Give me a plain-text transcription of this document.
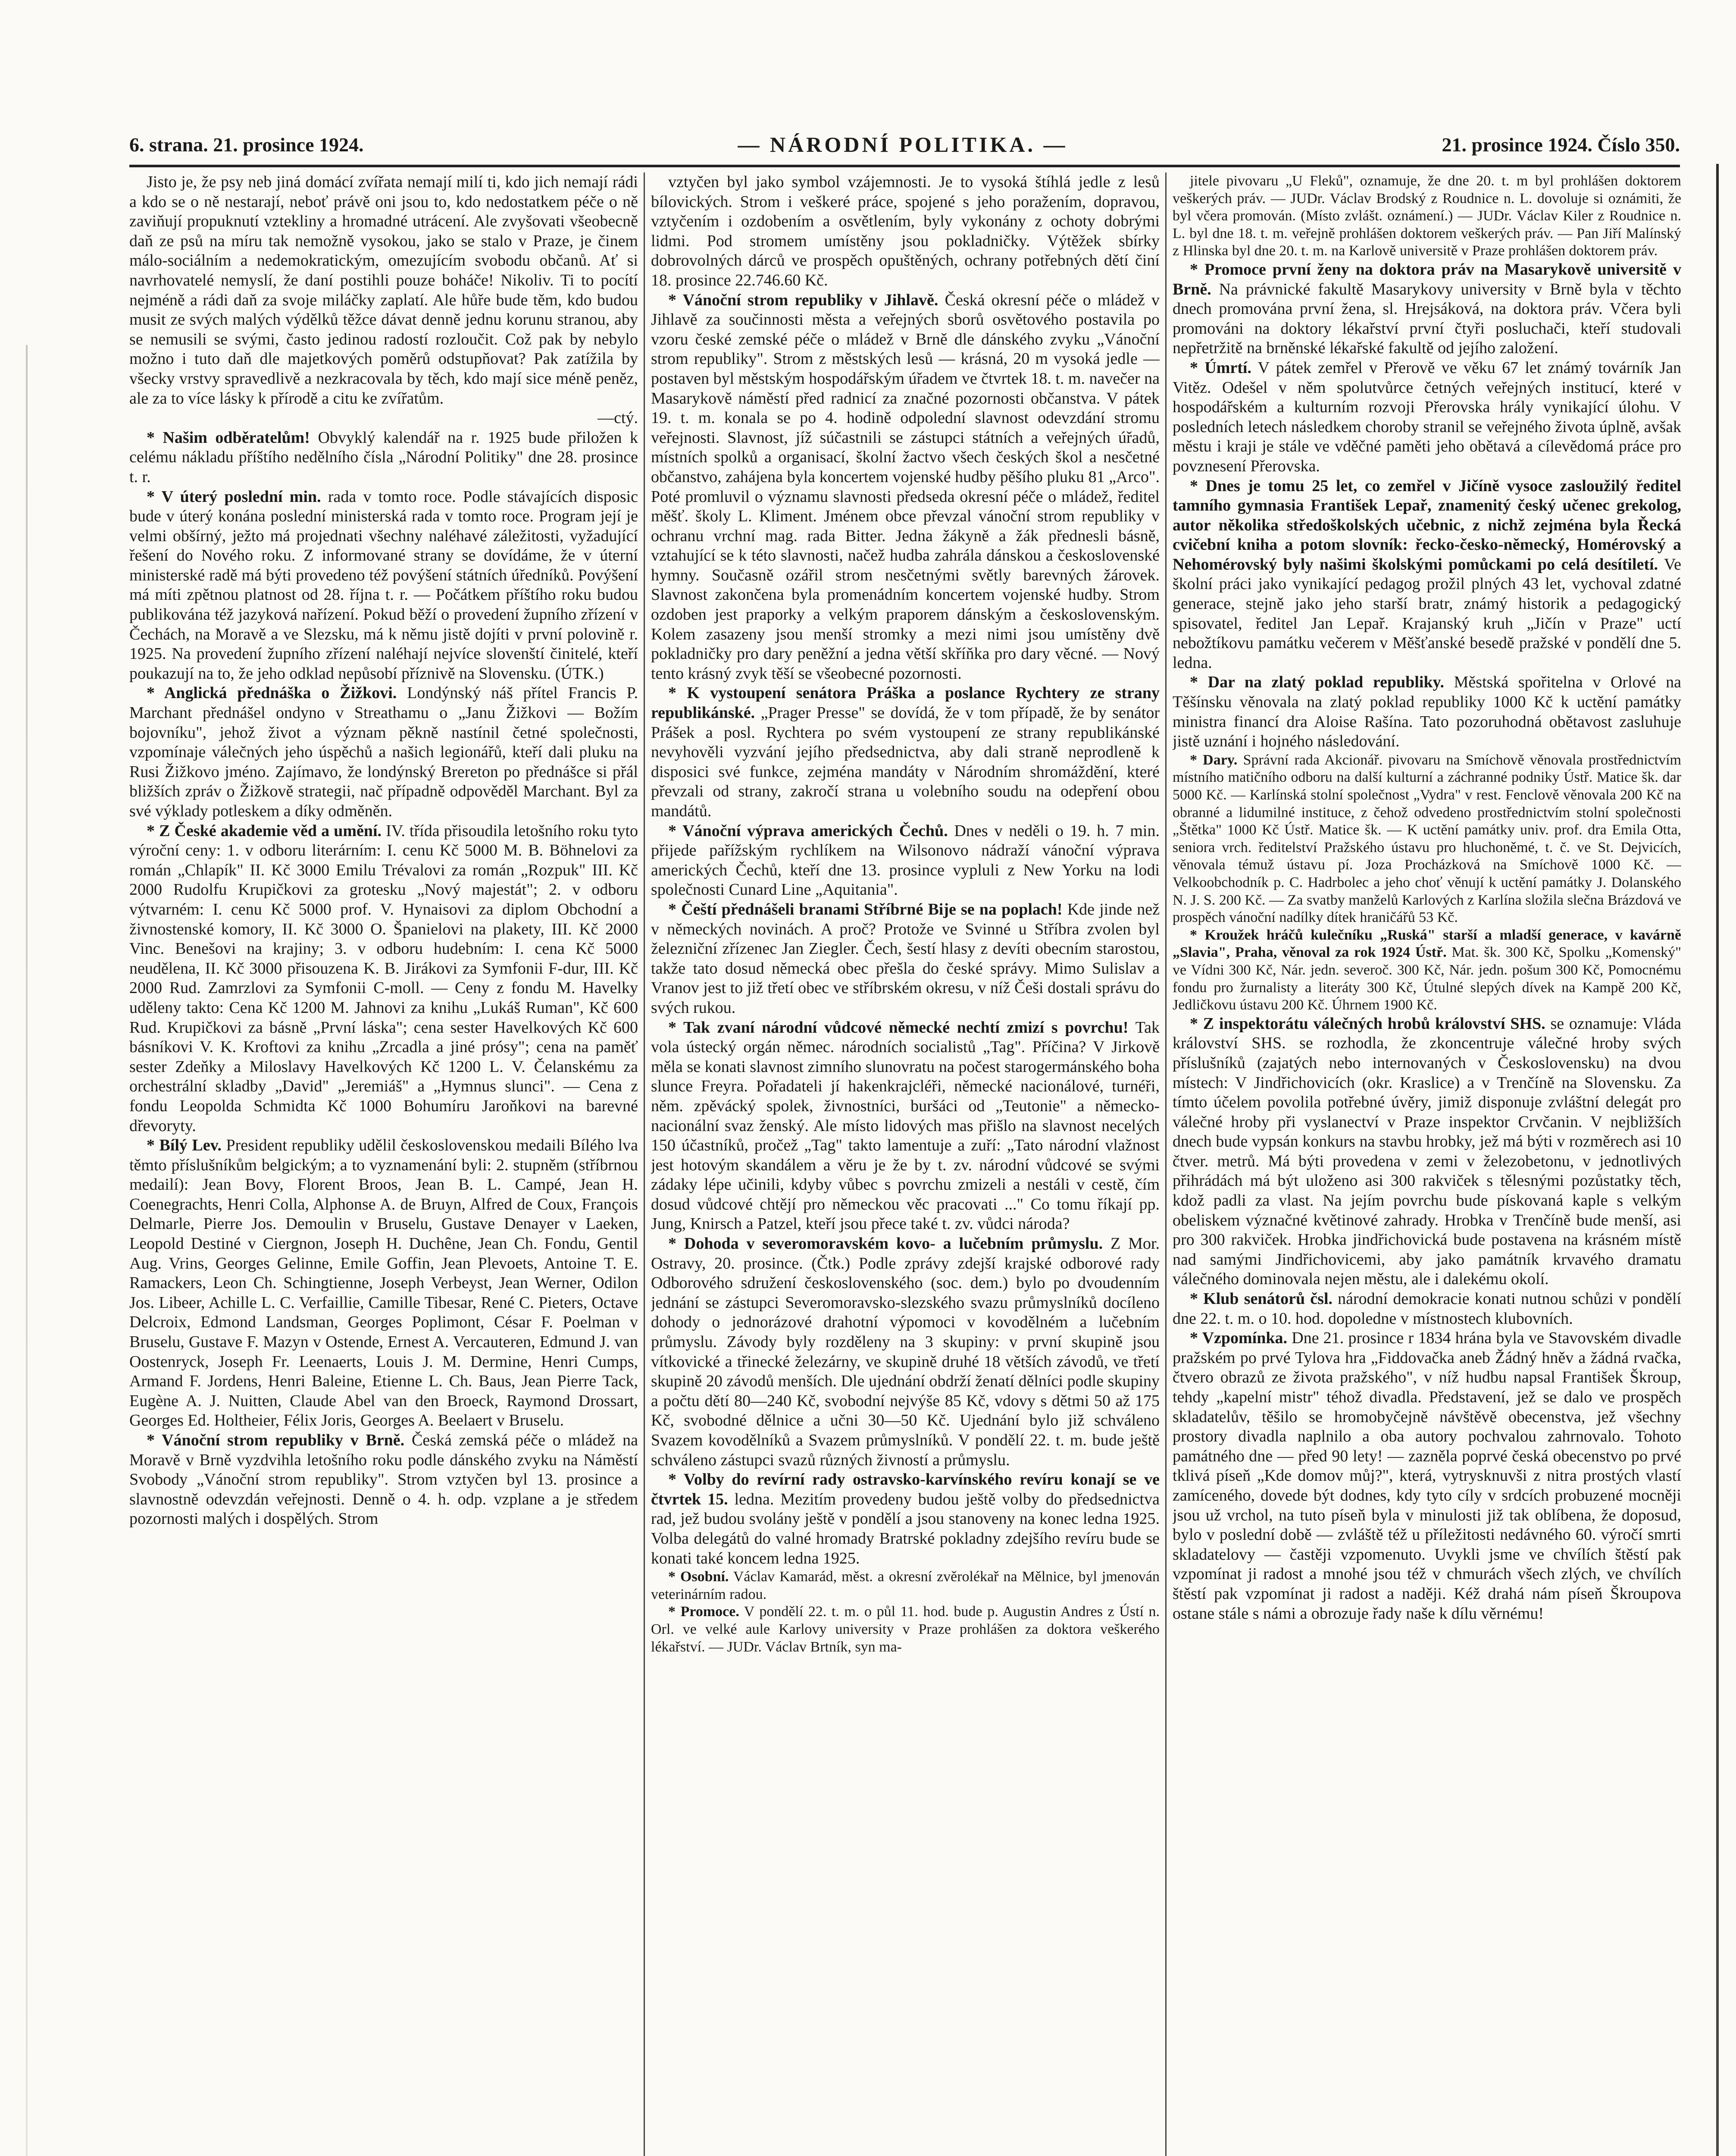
6. strana. 21. prosince 1924.	— NÁRODNÍ POLITIKA. —	21. prosince 1924. Číslo 350.

Jisto je, že psy neb jiná domácí zvířata nemají milí ti, kdo jich nemají rádi a kdo se o ně nestarají, neboť právě oni jsou to, kdo nedostatkem péče o ně zaviňují propuknutí vztekliny a hromadné utrácení. Ale zvyšovati všeobecně daň ze psů na míru tak nemožně vysokou, jako se stalo v Praze, je činem málo-sociálním a nedemokratickým, omezujícím svobodu občanů. Ať si navrhovatelé nemyslí, že daní postihli pouze boháče! Nikoliv. Ti to pocítí nejméně a rádi daň za svoje miláčky zaplatí. Ale hůře bude těm, kdo budou musit ze svých malých výdělků těžce dávat denně jednu korunu stranou, aby se nemusili se svými, často jedinou radostí rozloučit. Což pak by nebylo možno i tuto daň dle majetkových poměrů odstupňovat? Pak zatížila by všecky vrstvy spravedlivě a nezkracovala by těch, kdo mají sice méně peněz, ale za to více lásky k přírodě a citu ke zvířatům.

—ctý.

* Našim odběratelům! Obvyklý kalendář na r. 1925 bude přiložen k celému nákladu příštího nedělního čísla „Národní Politiky" dne 28. prosince t. r.

* V úterý poslední min. rada v tomto roce. Podle stávajících disposic bude v úterý konána poslední ministerská rada v tomto roce. Program její je velmi obšírný, ježto má projednati všechny naléhavé záležitosti, vyžadující řešení do Nového roku. Z informované strany se dovídáme, že v úterní ministerské radě má býti provedeno též povýšení státních úředníků. Povýšení má míti zpětnou platnost od 28. října t. r. — Počátkem příštího roku budou publikována též jazyková nařízení. Pokud běží o provedení župního zřízení v Čechách, na Moravě a ve Slezsku, má k němu jistě dojíti v první polovině r. 1925. Na provedení župního zřízení naléhají nejvíce slovenští činitelé, kteří poukazují na to, že jeho odklad nepůsobí příznivě na Slovensku. (ÚTK.)

* Anglická přednáška o Žižkovi. Londýnský náš přítel Francis P. Marchant přednášel ondyno v Streathamu o „Janu Žižkovi — Božím bojovníku", jehož život a význam pěkně nastínil četné společnosti, vzpomínaje válečných jeho úspěchů a našich legionářů, kteří dali pluku na Rusi Žižkovo jméno. Zajímavo, že londýnský Brereton po přednášce si přál bližších zpráv o Žižkově strategii, nač případně odpověděl Marchant. Byl za své výklady potleskem a díky odměněn.

* Z České akademie věd a umění. IV. třída přisoudila letošního roku tyto výroční ceny: 1. v odboru literárním: I. cenu Kč 5000 M. B. Böhnelovi za román „Chlapík" II. Kč 3000 Emilu Trévalovi za román „Rozpuk" III. Kč 2000 Rudolfu Krupičkovi za grotesku „Nový majestát"; 2. v odboru výtvarném: I. cenu Kč 5000 prof. V. Hynaisovi za diplom Obchodní a živnostenské komory, II. Kč 3000 O. Španielovi na plakety, III. Kč 2000 Vinc. Benešovi na krajiny; 3. v odboru hudebním: I. cena Kč 5000 neudělena, II. Kč 3000 přisouzena K. B. Jirákovi za Symfonii F-dur, III. Kč 2000 Rud. Zamrzlovi za Symfonii C-moll. — Ceny z fondu M. Havelky uděleny takto: Cena Kč 1200 M. Jahnovi za knihu „Lukáš Ruman", Kč 600 Rud. Krupičkovi za básně „První láska"; cena sester Havelkových Kč 600 básníkovi V. K. Kroftovi za knihu „Zrcadla a jiné prósy"; cena na paměť sester Zdeňky a Miloslavy Havelkových Kč 1200 L. V. Čelanskému za orchestrální skladby „David" „Jeremiáš" a „Hymnus slunci". — Cena z fondu Leopolda Schmidta Kč 1000 Bohumíru Jaroňkovi na barevné dřevoryty.

* Bílý Lev. President republiky udělil československou medaili Bílého lva těmto příslušníkům belgickým; a to vyznamenání byli: 2. stupněm (stříbrnou medailí): Jean Bovy, Florent Broos, Jean B. L. Campé, Jean H. Coenegrachts, Henri Colla, Alphonse A. de Bruyn, Alfred de Coux, François Delmarle, Pierre Jos. Demoulin v Bruselu, Gustave Denayer v Laeken, Leopold Destiné v Ciergnon, Joseph H. Duchêne, Jean Ch. Fondu, Gentil Aug. Vrins, Georges Gelinne, Emile Goffin, Jean Plevoets, Antoine T. E. Ramackers, Leon Ch. Schingtienne, Joseph Verbeyst, Jean Werner, Odilon Jos. Libeer, Achille L. C. Verfaillie, Camille Tibesar, René C. Pieters, Octave Delcroix, Edmond Landsman, Georges Poplimont, César F. Poelman v Bruselu, Gustave F. Mazyn v Ostende, Ernest A. Vercauteren, Edmund J. van Oostenryck, Joseph Fr. Leenaerts, Louis J. M. Dermine, Henri Cumps, Armand F. Jordens, Henri Baleine, Etienne L. Ch. Baus, Jean Pierre Tack, Eugène A. J. Nuitten, Claude Abel van den Broeck, Raymond Drossart, Georges Ed. Holtheier, Félix Joris, Georges A. Beelaert v Bruselu.

* Vánoční strom republiky v Brně. Česká zemská péče o mládež na Moravě v Brně vyzdvihla letošního roku podle dánského zvyku na Náměstí Svobody „Vánoční strom republiky". Strom vztyčen byl 13. prosince a slavnostně odevzdán veřejnosti. Denně o 4. h. odp. vzplane a je středem pozornosti malých i dospělých. Strom

vztyčen byl jako symbol vzájemnosti. Je to vysoká štíhlá jedle z lesů bílovických. Strom i veškeré práce, spojené s jeho poražením, dopravou, vztyčením i ozdobením a osvětlením, byly vykonány z ochoty dobrými lidmi. Pod stromem umístěny jsou pokladničky. Výtěžek sbírky dobrovolných dárců ve prospěch opuštěných, ochrany potřebných dětí činí 18. prosince 22.746.60 Kč.

* Vánoční strom republiky v Jihlavě. Česká okresní péče o mládež v Jihlavě za součinnosti města a veřejných sborů osvětového postavila po vzoru české zemské péče o mládež v Brně dle dánského zvyku „Vánoční strom republiky". Strom z městských lesů — krásná, 20 m vysoká jedle — postaven byl městským hospodářským úřadem ve čtvrtek 18. t. m. navečer na Masarykově náměstí před radnicí za značné pozornosti občanstva. V pátek 19. t. m. konala se po 4. hodině odpolední slavnost odevzdání stromu veřejnosti. Slavnost, jíž súčastnili se zástupci státních a veřejných úřadů, místních spolků a organisací, školní žactvo všech českých škol a nesčetné občanstvo, zahájena byla koncertem vojenské hudby pěšího pluku 81 „Arco". Poté promluvil o významu slavnosti předseda okresní péče o mládež, ředitel měšť. školy L. Kliment. Jménem obce převzal vánoční strom republiky v ochranu vrchní mag. rada Bitter. Jedna žákyně a žák přednesli básně, vztahující se k této slavnosti, načež hudba zahrála dánskou a československé hymny. Současně ozářil strom nesčetnými světly barevných žárovek. Slavnost zakončena byla promenádním koncertem vojenské hudby. Strom ozdoben jest praporky a velkým praporem dánským a československým. Kolem zasazeny jsou menší stromky a mezi nimi jsou umístěny dvě pokladničky pro dary peněžní a jedna větší skříňka pro dary věcné. — Nový tento krásný zvyk těší se všeobecné pozornosti.

* K vystoupení senátora Práška a poslance Rychtery ze strany republikánské. „Prager Presse" se dovídá, že v tom případě, že by senátor Prášek a posl. Rychtera po svém vystoupení ze strany republikánské nevyhověli vyzvání jejího předsednictva, aby dali straně neprodleně k disposici své funkce, zejména mandáty v Národním shromáždění, které převzali od strany, zakročí strana u volebního soudu na odepření obou mandátů.

* Vánoční výprava amerických Čechů. Dnes v neděli o 19. h. 7 min. přijede pařížským rychlíkem na Wilsonovo nádraží vánoční výprava amerických Čechů, kteří dne 13. prosince vypluli z New Yorku na lodi společnosti Cunard Line „Aquitania".

* Čeští přednášeli branami Stříbrné Bije se na poplach! Kde jinde než v německých novinách. A proč? Protože ve Svinné u Stříbra zvolen byl železniční zřízenec Jan Ziegler. Čech, šestí hlasy z devíti obecním starostou, takže tato dosud německá obec přešla do české správy. Mimo Sulislav a Vranov jest to již třetí obec ve stříbrském okresu, v níž Češi dostali správu do svých rukou.

* Tak zvaní národní vůdcové německé nechtí zmizí s povrchu! Tak vola ústecký orgán němec. národních socialistů „Tag". Příčina? V Jirkově měla se konati slavnost zimního slunovratu na počest starogermánského boha slunce Freyra. Pořadateli jí hakenkrajcléři, německé nacionálové, turnéři, něm. zpěvácký spolek, živnostníci, buršáci od „Teutonie" a německo-nacionální svaz ženský. Ale místo lidových mas přišlo na slavnost necelých 150 účastníků, pročež „Tag" takto lamentuje a zuří: „Tato národní vlažnost jest hotovým skandálem a věru je že by t. zv. národní vůdcové se svými zádaky lépe učinili, kdyby vůbec s povrchu zmizeli a nestáli v cestě, čím dosud vůdcové chtějí pro německou věc pracovati ..." Co tomu říkají pp. Jung, Knirsch a Patzel, kteří jsou přece také t. zv. vůdci národa?

* Dohoda v severomoravském kovo- a lučebním průmyslu. Z Mor. Ostravy, 20. prosince. (Čtk.) Podle zprávy zdejší krajské odborové rady Odborového sdružení československého (soc. dem.) bylo po dvoudenním jednání se zástupci Severomoravsko-slezského svazu průmyslníků docíleno dohody o jednorázové drahotní výpomoci v kovodělném a lučebním průmyslu. Závody byly rozděleny na 3 skupiny: v první skupině jsou vítkovické a třinecké železárny, ve skupině druhé 18 větších závodů, ve třetí skupině 20 závodů menších. Dle ujednání obdrží ženatí dělníci podle skupiny a počtu dětí 80—240 Kč, svobodní nejvýše 85 Kč, vdovy s dětmi 50 až 175 Kč, svobodné dělnice a učni 30—50 Kč. Ujednání bylo již schváleno Svazem kovodělníků a Svazem průmyslníků. V pondělí 22. t. m. bude ještě schváleno zástupci svazů různých živností a průmyslu.

* Volby do revírní rady ostravsko-karvínského revíru konají se ve čtvrtek 15. ledna. Mezitím provedeny budou ještě volby do předsednictva rad, jež budou svolány ještě v pondělí a jsou stanoveny na konec ledna 1925. Volba delegátů do valné hromady Bratrské pokladny zdejšího revíru bude se konati také koncem ledna 1925.

* Osobní. Václav Kamarád, měst. a okresní zvěrolékař na Mělnice, byl jmenován veterinárním radou.

* Promoce. V pondělí 22. t. m. o půl 11. hod. bude p. Augustin Andres z Ústí n. Orl. ve velké aule Karlovy university v Praze prohlášen za doktora veškerého lékařství. — JUDr. Václav Brtník, syn ma-

jitele pivovaru „U Fleků", oznamuje, že dne 20. t. m byl prohlášen doktorem veškerých práv. — JUDr. Václav Brodský z Roudnice n. L. dovoluje si oznámiti, že byl včera promován. (Místo zvlášt. oznámení.) — JUDr. Václav Kiler z Roudnice n. L. byl dne 18. t. m. veřejně prohlášen doktorem veškerých práv. — Pan Jiří Malínský z Hlinska byl dne 20. t. m. na Karlově universitě v Praze prohlášen doktorem práv.

* Promoce první ženy na doktora práv na Masarykově universitě v Brně. Na právnické fakultě Masarykovy university v Brně byla v těchto dnech promována první žena, sl. Hrejsáková, na doktora práv. Včera byli promováni na doktory lékařství první čtyři posluchači, kteří studovali nepřetržitě na brněnské lékařské fakultě od jejího založení.

* Úmrtí. V pátek zemřel v Přerově ve věku 67 let známý továrník Jan Vitěz. Odešel v něm spolutvůrce četných veřejných institucí, které v hospodářském a kulturním rozvoji Přerovska hrály vynikající úlohu. V posledních letech následkem choroby stranil se veřejného života úplně, avšak městu i kraji je stále ve vděčné paměti jeho obětavá a cílevědomá práce pro povznesení Přerovska.

* Dnes je tomu 25 let, co zemřel v Jičíně vysoce zasloužilý ředitel tamního gymnasia František Lepař, znamenitý český učenec grekolog, autor několika středoškolských učebnic, z nichž zejména byla Řecká cvičební kniha a potom slovník: řecko-česko-německý, Homérovský a Nehomérovský byly našimi školskými pomůckami po celá desítiletí. Ve školní práci jako vynikající pedagog prožil plných 43 let, vychoval zdatné generace, stejně jako jeho starší bratr, známý historik a pedagogický spisovatel, ředitel Jan Lepař. Krajanský kruh „Jičín v Praze" uctí nebožtíkovu památku večerem v Měšťanské besedě pražské v pondělí dne 5. ledna.

* Dar na zlatý poklad republiky. Městská spořitelna v Orlové na Těšínsku věnovala na zlatý poklad republiky 1000 Kč k uctění památky ministra financí dra Aloise Rašína. Tato pozoruhodná obětavost zasluhuje jistě uznání i hojného následování.

* Dary. Správní rada Akcionář. pivovaru na Smíchově věnovala prostřednictvím místního matičního odboru na další kulturní a záchranné podniky Ústř. Matice šk. dar 5000 Kč. — Karlínská stolní společnost „Vydra" v rest. Fenclově věnovala 200 Kč na obranné a lidumilné instituce, z čehož odvedeno prostřednictvím stolní společnosti „Štětka" 1000 Kč Ústř. Matice šk. — K uctění památky univ. prof. dra Emila Otta, seniora vrch. ředitelství Pražského ústavu pro hluchoněmé, t. č. ve St. Dejvicích, věnovala témuž ústavu pí. Joza Procházková na Smíchově 1000 Kč. — Velkoobchodník p. C. Hadrbolec a jeho choť věnují k uctění památky J. Dolanského N. J. S. 200 Kč. — Za svatby manželů Karlových z Karlína složila slečna Brázdová ve prospěch vánoční nadílky dítek hraničářů 53 Kč.

* Kroužek hráčů kulečníku „Ruská" starší a mladší generace, v kavárně „Slavia", Praha, věnoval za rok 1924 Ústř. Mat. šk. 300 Kč, Spolku „Komenský" ve Vídni 300 Kč, Nár. jedn. severoč. 300 Kč, Nár. jedn. pošum 300 Kč, Pomocnému fondu pro žurnalisty a literáty 300 Kč, Útulné slepých dívek na Kampě 200 Kč, Jedličkovu ústavu 200 Kč. Úhrnem 1900 Kč.

* Z inspektorátu válečných hrobů království SHS. se oznamuje: Vláda království SHS. se rozhodla, že zkoncentruje válečné hroby svých příslušníků (zajatých nebo internovaných v Československu) na dvou místech: V Jindřichovicích (okr. Kraslice) a v Trenčíně na Slovensku. Za tímto účelem povolila potřebné úvěry, jimiž disponuje zvláštní delegát pro válečné hroby při vyslanectví v Praze inspektor Crvčanin. V nejbližších dnech bude vypsán konkurs na stavbu hrobky, jež má býti v rozměrech asi 10 čtver. metrů. Má býti provedena v zemi v železobetonu, v jednotlivých přihrádách má být uloženo asi 300 rakviček s tělesnými pozůstatky těch, kdož padli za vlast. Na jejím povrchu bude pískovaná kaple s velkým obeliskem význačné květinové zahrady. Hrobka v Trenčíně bude menší, asi pro 300 rakviček. Hrobka jindřichovická bude postavena na krásném místě nad samými Jindřichovicemi, aby jako památník krvavého dramatu válečného dominovala nejen městu, ale i dalekému okolí.

* Klub senátorů čsl. národní demokracie konati nutnou schůzi v pondělí dne 22. t. m. o 10. hod. dopoledne v místnostech klubovních.

* Vzpomínka. Dne 21. prosince r 1834 hrána byla ve Stavovském divadle pražském po prvé Tylova hra „Fiddovačka aneb Žádný hněv a žádná rvačka, čtvero obrazů ze života pražského", v níž hudbu napsal František Škroup, tehdy „kapelní mistr" téhož divadla. Představení, jež se dalo ve prospěch skladatelův, těšilo se hromobyčejně návštěvě obecenstva, jež všechny prostory divadla naplnilo a oba autory pochvalou zahrnovalo. Tohoto památného dne — před 90 lety! — zazněla poprvé česká obecenstvo po prvé tklivá píseň „Kde domov můj?", která, vytrysknuvši z nitra prostých vlastí zamíceného, dovede být dodnes, kdy tyto cíly v srdcích probuzené mocněji jsou už vrchol, na tuto píseň byla v minulosti již tak oblíbena, že doposud, bylo v poslední době — zvláště též u příležitosti nedávného 60. výročí smrti skladatelovy — častěji vzpomenuto. Uvykli jsme ve chvílích štěstí pak vzpomínat ji radost a mnohé jsou též v chmurách všech zlých, ve chvílích štěstí pak vzpomínat ji radost a naději. Kéž drahá nám píseň Škroupova ostane stále s námi a obrozuje řady naše k dílu věrnému!
